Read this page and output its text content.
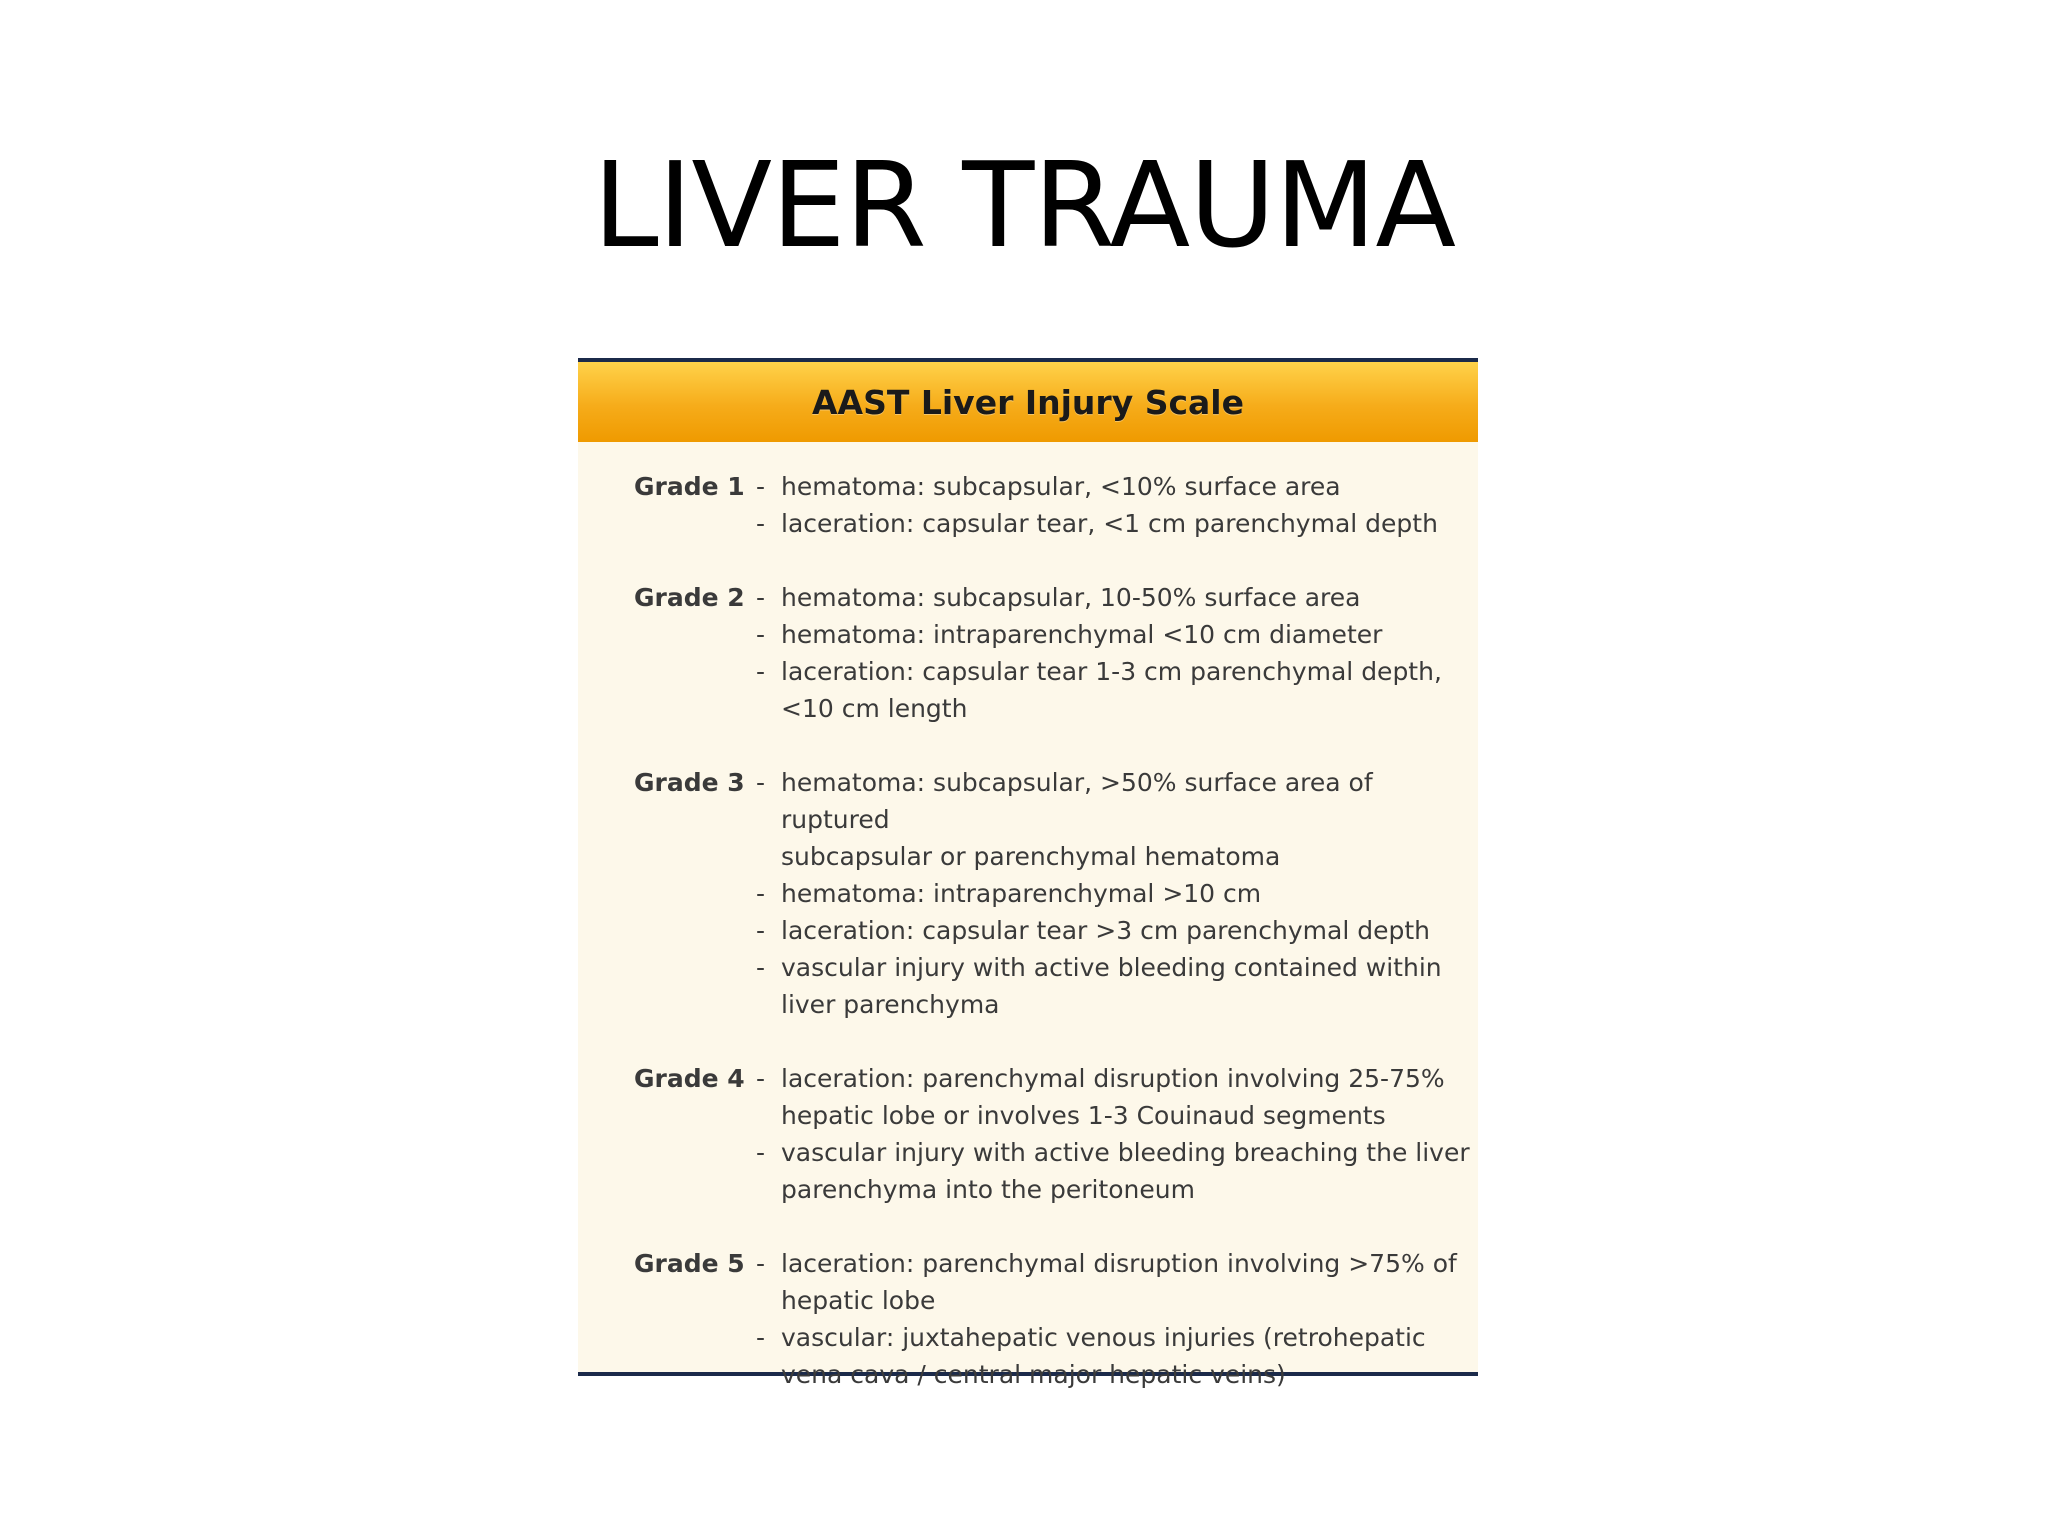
LIVER TRAUMA
AAST Liver Injury Scale
Grade 1 - hematoma: subcapsular, <10% surface area
- laceration: capsular tear, <1 cm parenchymal depth
Grade 2 - hematoma: subcapsular, 10-50% surface area
- hematoma: intraparenchymal <10 cm diameter
- laceration: capsular tear 1-3 cm parenchymal depth,
<10 cm length
Grade 3 - hematoma: subcapsular, >50% surface area of ruptured
subcapsular or parenchymal hematoma
- hematoma: intraparenchymal >10 cm
- laceration: capsular tear >3 cm parenchymal depth
- vascular injury with active bleeding contained within
liver parenchyma
Grade 4 - laceration: parenchymal disruption involving 25-75%
hepatic lobe or involves 1-3 Couinaud segments
- vascular injury with active bleeding breaching the liver
parenchyma into the peritoneum
Grade 5 - laceration: parenchymal disruption involving >75% of
hepatic lobe
- vascular: juxtahepatic venous injuries (retrohepatic
vena cava / central major hepatic veins)
